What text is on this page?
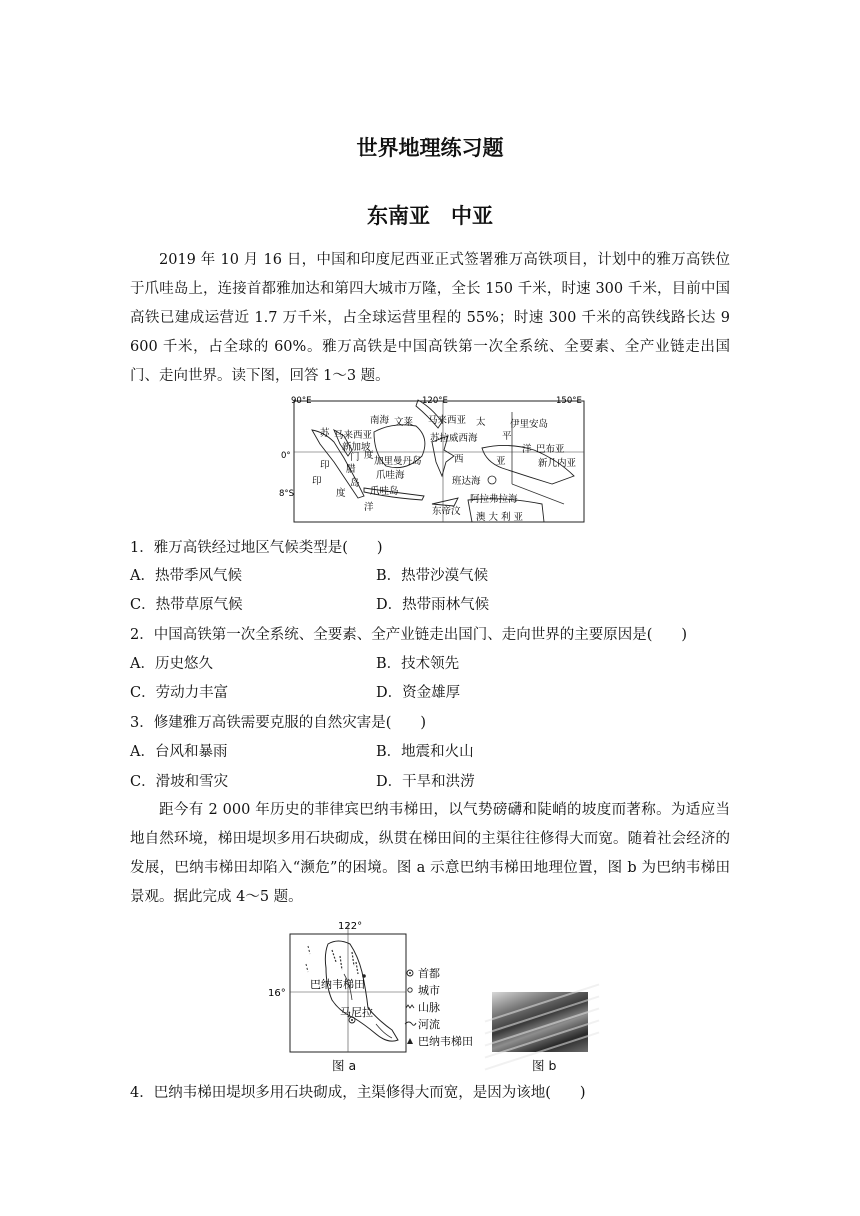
世界地理练习题
东南亚　中亚

2019 年 10 月 16 日，中国和印度尼西亚正式签署雅万高铁项目，计划中的雅万高铁位于爪哇岛上，连接首都雅加达和第四大城市万隆，全长 150 千米，时速 300 千米，目前中国高铁已建成运营近 1.7 万千米，占全球运营里程的 55%；时速 300 千米的高铁线路长达 9 600 千米，占全球的 60%。雅万高铁是中国高铁第一次全系统、全要素、全产业链走出国门、走向世界。读下图，回答 1～3 题。

90°E	120°E	150°E
0°
8°S
南海 文莱 马来西亚 太	伊里安岛
苏 马来西亚	苏拉威西海	平
新加坡	巴布亚
门 度
洋
新几内亚
加里曼丹岛	西	亚
印 腊
印
爪哇海
班达海
岛
度	爪哇岛
阿拉弗拉海
洋	东帝汶
澳 大 利 亚
1．雅万高铁经过地区气候类型是(　　)
A．热带季风气候	B．热带沙漠气候
C．热带草原气候	D．热带雨林气候
2．中国高铁第一次全系统、全要素、全产业链走出国门、走向世界的主要原因是(　　)
A．历史悠久	B．技术领先
C．劳动力丰富	D．资金雄厚
3．修建雅万高铁需要克服的自然灾害是(　　)
A．台风和暴雨	B．地震和火山
C．滑坡和雪灾	D．干旱和洪涝

距今有 2 000 年历史的菲律宾巴纳韦梯田，以气势磅礴和陡峭的坡度而著称。为适应当地自然环境，梯田堤坝多用石块砌成，纵贯在梯田间的主渠往往修得大而宽。随着社会经济的发展，巴纳韦梯田却陷入“濒危”的困境。图 a 示意巴纳韦梯田地理位置，图 b 为巴纳韦梯田景观。据此完成 4～5 题。

122°
16°
巴纳韦梯田
马尼拉
首都
城市
山脉
河流
巴纳韦梯田
图 a	图 b
4．巴纳韦梯田堤坝多用石块砌成，主渠修得大而宽，是因为该地(　　)
